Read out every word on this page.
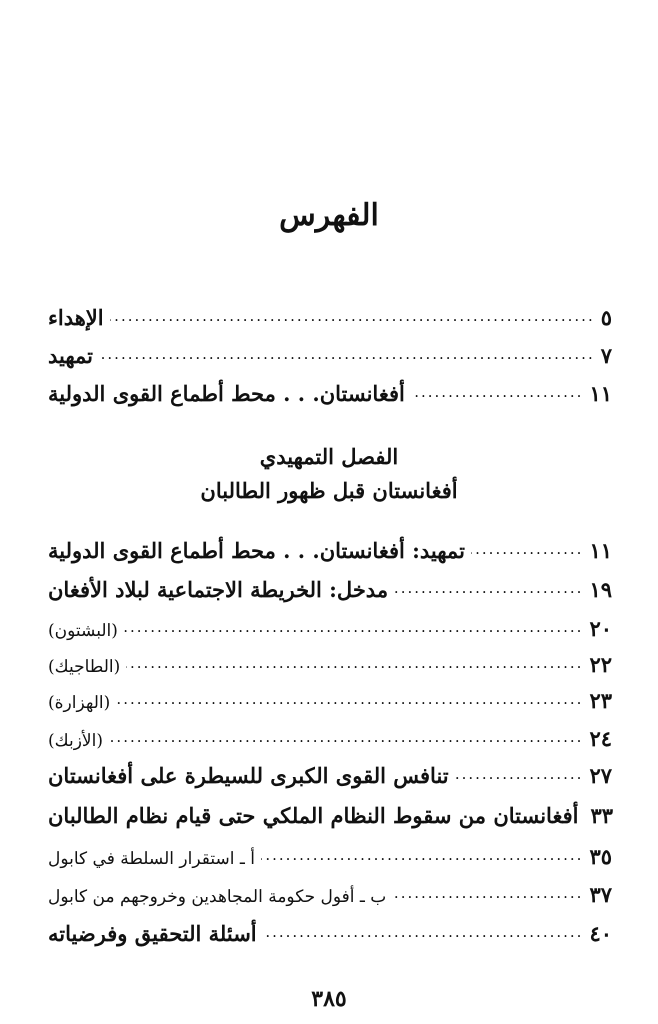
الفهرس
الإهداء .....	٥
تمهيد .....	٧
أفغانستان. . . محط أطماع القوى الدولية .....	١١
الفصل التمهيدي
أفغانستان قبل ظهور الطالبان
تمهيد: أفغانستان. . . محط أطماع القوى الدولية .....	١١
مدخل: الخريطة الاجتماعية لبلاد الأفغان .....	١٩
(البشتون) .....	٢٠
(الطاجيك) .....	٢٢
(الهزارة) .....	٢٣
(الأزبك) .....	٢٤
تنافس القوى الكبرى للسيطرة على أفغانستان .....	٢٧
أفغانستان من سقوط النظام الملكي حتى قيام نظام الطالبان ٣٣
أ ـ استقرار السلطة في كابول .....	٣٥
ب ـ أفول حكومة المجاهدين وخروجهم من كابول .....	٣٧
أسئلة التحقيق وفرضياته .....	٤٠
٣٨٥
